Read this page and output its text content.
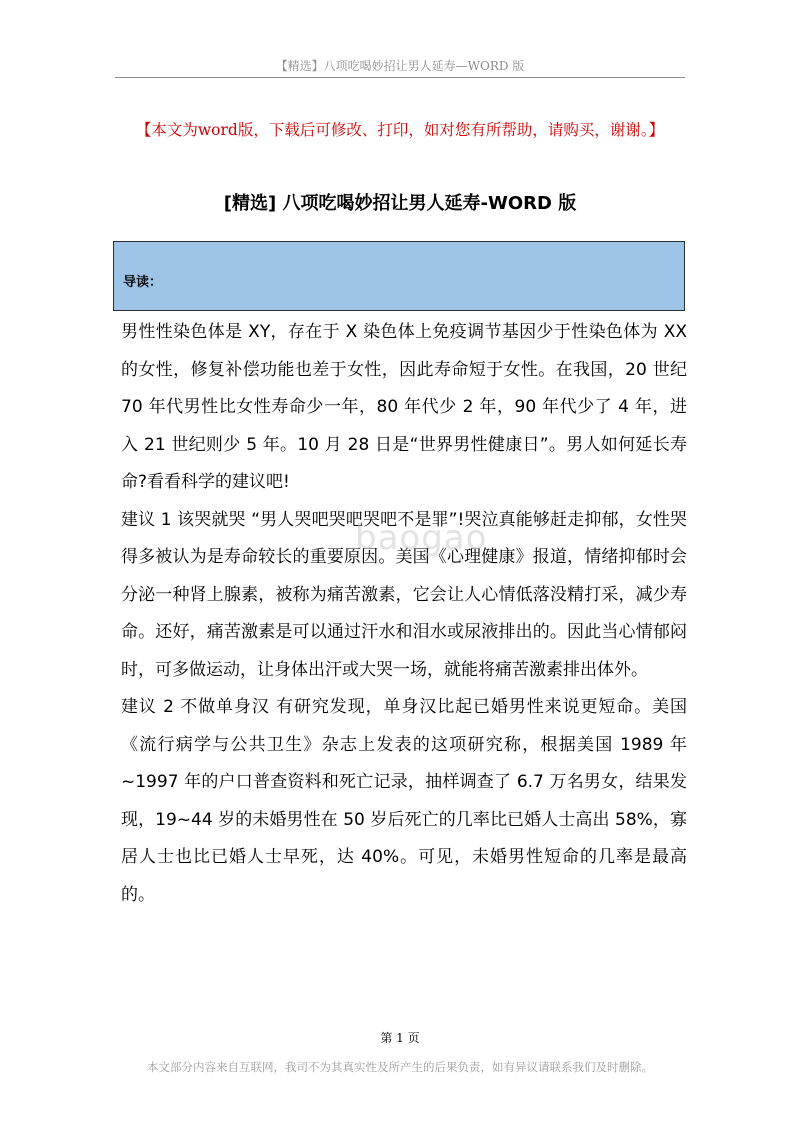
【精选】八项吃喝妙招让男人延寿—WORD 版
【本文为word版，下载后可修改、打印，如对您有所帮助，请购买，谢谢。】
[精选] 八项吃喝妙招让男人延寿-WORD 版
导读：

男性性染色体是 XY，存在于 X 染色体上免疫调节基因少于性染色体为 XX 的女性，修复补偿功能也差于女性，因此寿命短于女性。在我国，20 世纪 70 年代男性比女性寿命少一年，80 年代少 2 年，90 年代少了 4 年，进入 21 世纪则少 5 年。10 月 28 日是“世界男性健康日”。男人如何延长寿命?看看科学的建议吧!

建议 1 该哭就哭 “男人哭吧哭吧哭吧不是罪”!哭泣真能够赶走抑郁，女性哭得多被认为是寿命较长的重要原因。美国《心理健康》报道，情绪抑郁时会分泌一种肾上腺素，被称为痛苦激素，它会让人心情低落没精打采，减少寿命。还好，痛苦激素是可以通过汗水和泪水或尿液排出的。因此当心情郁闷时，可多做运动，让身体出汗或大哭一场，就能将痛苦激素排出体外。

建议 2 不做单身汉 有研究发现，单身汉比起已婚男性来说更短命。美国《流行病学与公共卫生》杂志上发表的这项研究称，根据美国 1989 年~1997 年的户口普查资料和死亡记录，抽样调查了 6.7 万名男女，结果发现，19~44 岁的未婚男性在 50 岁后死亡的几率比已婚人士高出 58%，寡居人士也比已婚人士早死，达 40%。可见，未婚男性短命的几率是最高的。

baogao
第 1 页
本文部分内容来自互联网，我司不为其真实性及所产生的后果负责，如有异议请联系我们及时删除。
